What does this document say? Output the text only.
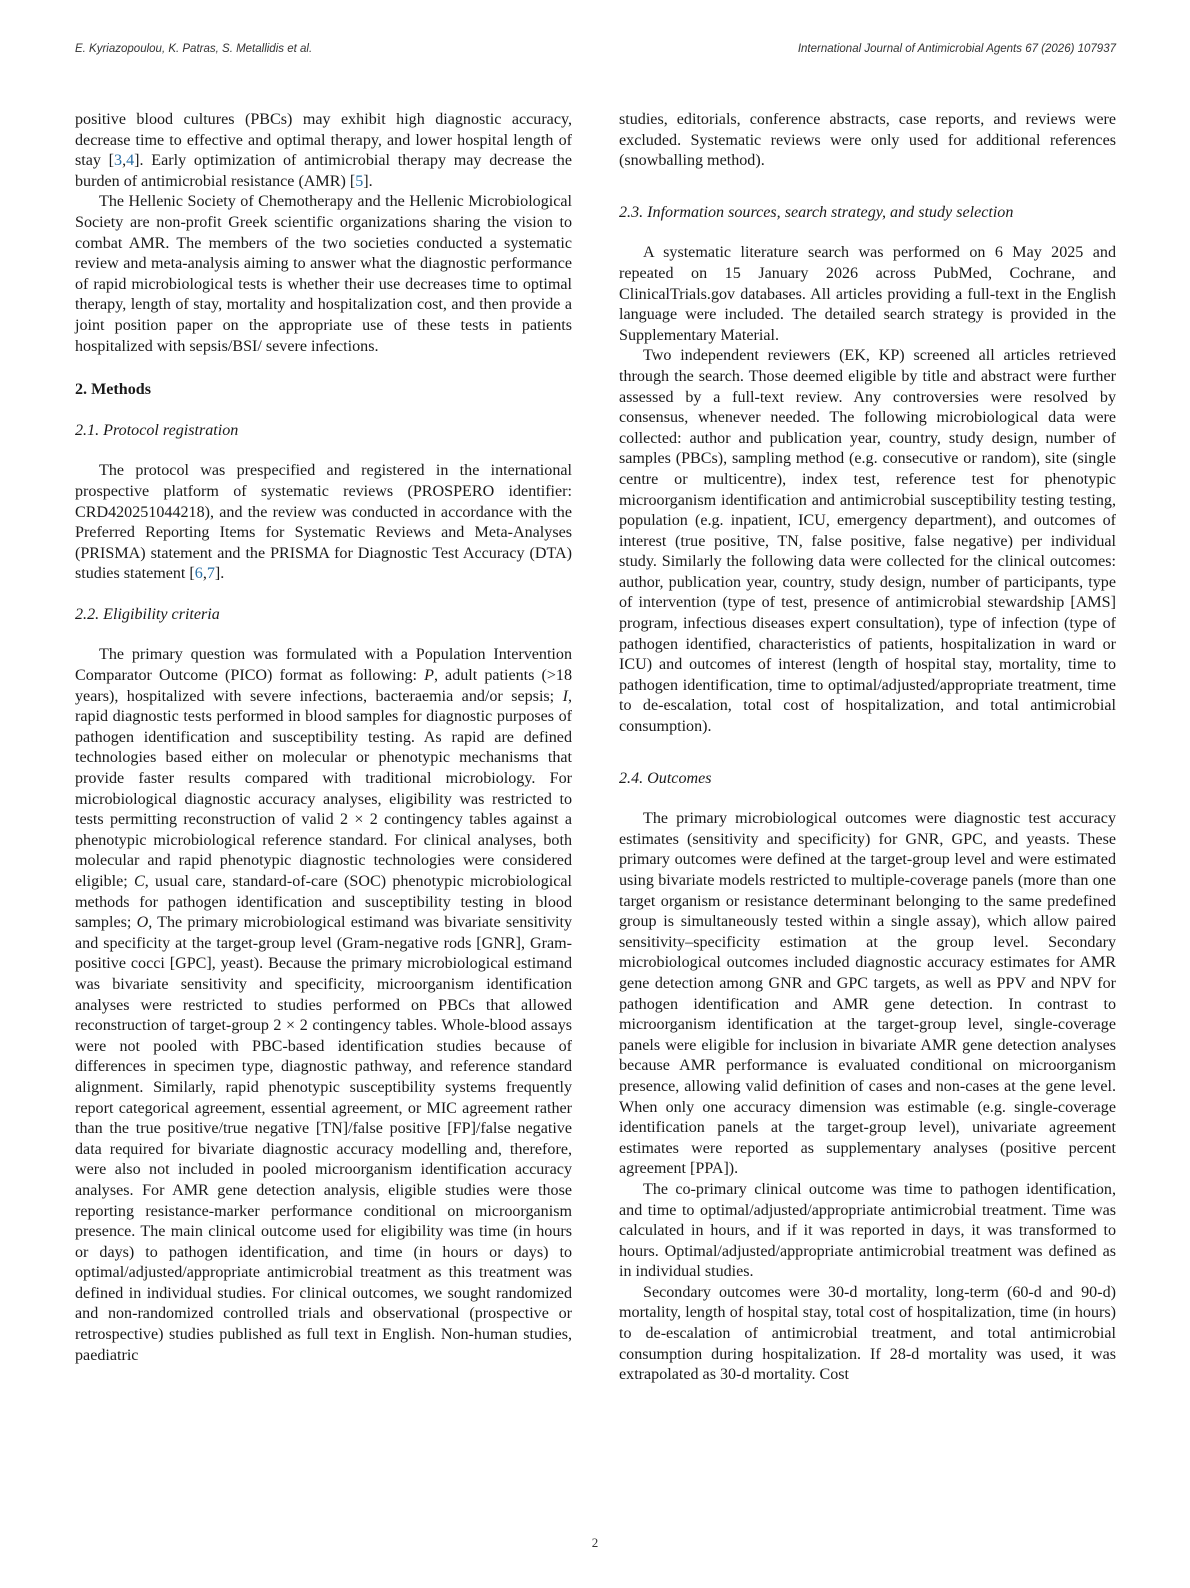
E. Kyriazopoulou, K. Patras, S. Metallidis et al.	International Journal of Antimicrobial Agents 67 (2026) 107937

positive blood cultures (PBCs) may exhibit high diagnostic accuracy, decrease time to effective and optimal therapy, and lower hospital length of stay [3,4]. Early optimization of antimicrobial therapy may decrease the burden of antimicrobial resistance (AMR) [5].

The Hellenic Society of Chemotherapy and the Hellenic Microbiological Society are non-profit Greek scientific organizations sharing the vision to combat AMR. The members of the two societies conducted a systematic review and meta-analysis aiming to answer what the diagnostic performance of rapid microbiological tests is whether their use decreases time to optimal therapy, length of stay, mortality and hospitalization cost, and then provide a joint position paper on the appropriate use of these tests in patients hospitalized with sepsis/BSI/ severe infections.

2. Methods
2.1. Protocol registration

The protocol was prespecified and registered in the international prospective platform of systematic reviews (PROSPERO identifier: CRD420251044218), and the review was conducted in accordance with the Preferred Reporting Items for Systematic Reviews and Meta-Analyses (PRISMA) statement and the PRISMA for Diagnostic Test Accuracy (DTA) studies statement [6,7].

2.2. Eligibility criteria

The primary question was formulated with a Population Intervention Comparator Outcome (PICO) format as following: P, adult patients (>18 years), hospitalized with severe infections, bacteraemia and/or sepsis; I, rapid diagnostic tests performed in blood samples for diagnostic purposes of pathogen identification and susceptibility testing. As rapid are defined technologies based either on molecular or phenotypic mechanisms that provide faster results compared with traditional microbiology. For microbiological diagnostic accuracy analyses, eligibility was restricted to tests permitting reconstruction of valid 2 × 2 contingency tables against a phenotypic microbiological reference standard. For clinical analyses, both molecular and rapid phenotypic diagnostic technologies were considered eligible; C, usual care, standard-of-care (SOC) phenotypic microbiological methods for pathogen identification and susceptibility testing in blood samples; O, The primary microbiological estimand was bivariate sensitivity and specificity at the target-group level (Gram-negative rods [GNR], Gram-positive cocci [GPC], yeast). Because the primary microbiological estimand was bivariate sensitivity and specificity, microorganism identification analyses were restricted to studies performed on PBCs that allowed reconstruction of target-group 2 × 2 contingency tables. Whole-blood assays were not pooled with PBC-based identification studies because of differences in specimen type, diagnostic pathway, and reference standard alignment. Similarly, rapid phenotypic susceptibility systems frequently report categorical agreement, essential agreement, or MIC agreement rather than the true positive/true negative [TN]/false positive [FP]/false negative data required for bivariate diagnostic accuracy modelling and, therefore, were also not included in pooled microorganism identification accuracy analyses. For AMR gene detection analysis, eligible studies were those reporting resistance-marker performance conditional on microorganism presence. The main clinical outcome used for eligibility was time (in hours or days) to pathogen identification, and time (in hours or days) to optimal/adjusted/appropriate antimicrobial treatment as this treatment was defined in individual studies. For clinical outcomes, we sought randomized and non-randomized controlled trials and observational (prospective or retrospective) studies published as full text in English. Non-human studies, paediatric

studies, editorials, conference abstracts, case reports, and reviews were excluded. Systematic reviews were only used for additional references (snowballing method).

2.3. Information sources, search strategy, and study selection

A systematic literature search was performed on 6 May 2025 and repeated on 15 January 2026 across PubMed, Cochrane, and ClinicalTrials.gov databases. All articles providing a full-text in the English language were included. The detailed search strategy is provided in the Supplementary Material.

Two independent reviewers (EK, KP) screened all articles retrieved through the search. Those deemed eligible by title and abstract were further assessed by a full-text review. Any controversies were resolved by consensus, whenever needed. The following microbiological data were collected: author and publication year, country, study design, number of samples (PBCs), sampling method (e.g. consecutive or random), site (single centre or multicentre), index test, reference test for phenotypic microorganism identification and antimicrobial susceptibility testing testing, population (e.g. inpatient, ICU, emergency department), and outcomes of interest (true positive, TN, false positive, false negative) per individual study. Similarly the following data were collected for the clinical outcomes: author, publication year, country, study design, number of participants, type of intervention (type of test, presence of antimicrobial stewardship [AMS] program, infectious diseases expert consultation), type of infection (type of pathogen identified, characteristics of patients, hospitalization in ward or ICU) and outcomes of interest (length of hospital stay, mortality, time to pathogen identification, time to optimal/adjusted/appropriate treatment, time to de-escalation, total cost of hospitalization, and total antimicrobial consumption).

2.4. Outcomes

The primary microbiological outcomes were diagnostic test accuracy estimates (sensitivity and specificity) for GNR, GPC, and yeasts. These primary outcomes were defined at the target-group level and were estimated using bivariate models restricted to multiple-coverage panels (more than one target organism or resistance determinant belonging to the same predefined group is simultaneously tested within a single assay), which allow paired sensitivity–specificity estimation at the group level. Secondary microbiological outcomes included diagnostic accuracy estimates for AMR gene detection among GNR and GPC targets, as well as PPV and NPV for pathogen identification and AMR gene detection. In contrast to microorganism identification at the target-group level, single-coverage panels were eligible for inclusion in bivariate AMR gene detection analyses because AMR performance is evaluated conditional on microorganism presence, allowing valid definition of cases and non-cases at the gene level. When only one accuracy dimension was estimable (e.g. single-coverage identification panels at the target-group level), univariate agreement estimates were reported as supplementary analyses (positive percent agreement [PPA]).

The co-primary clinical outcome was time to pathogen identification, and time to optimal/adjusted/appropriate antimicrobial treatment. Time was calculated in hours, and if it was reported in days, it was transformed to hours. Optimal/adjusted/appropriate antimicrobial treatment was defined as in individual studies.

Secondary outcomes were 30-d mortality, long-term (60-d and 90-d) mortality, length of hospital stay, total cost of hospitalization, time (in hours) to de-escalation of antimicrobial treatment, and total antimicrobial consumption during hospitalization. If 28-d mortality was used, it was extrapolated as 30-d mortality. Cost

2
